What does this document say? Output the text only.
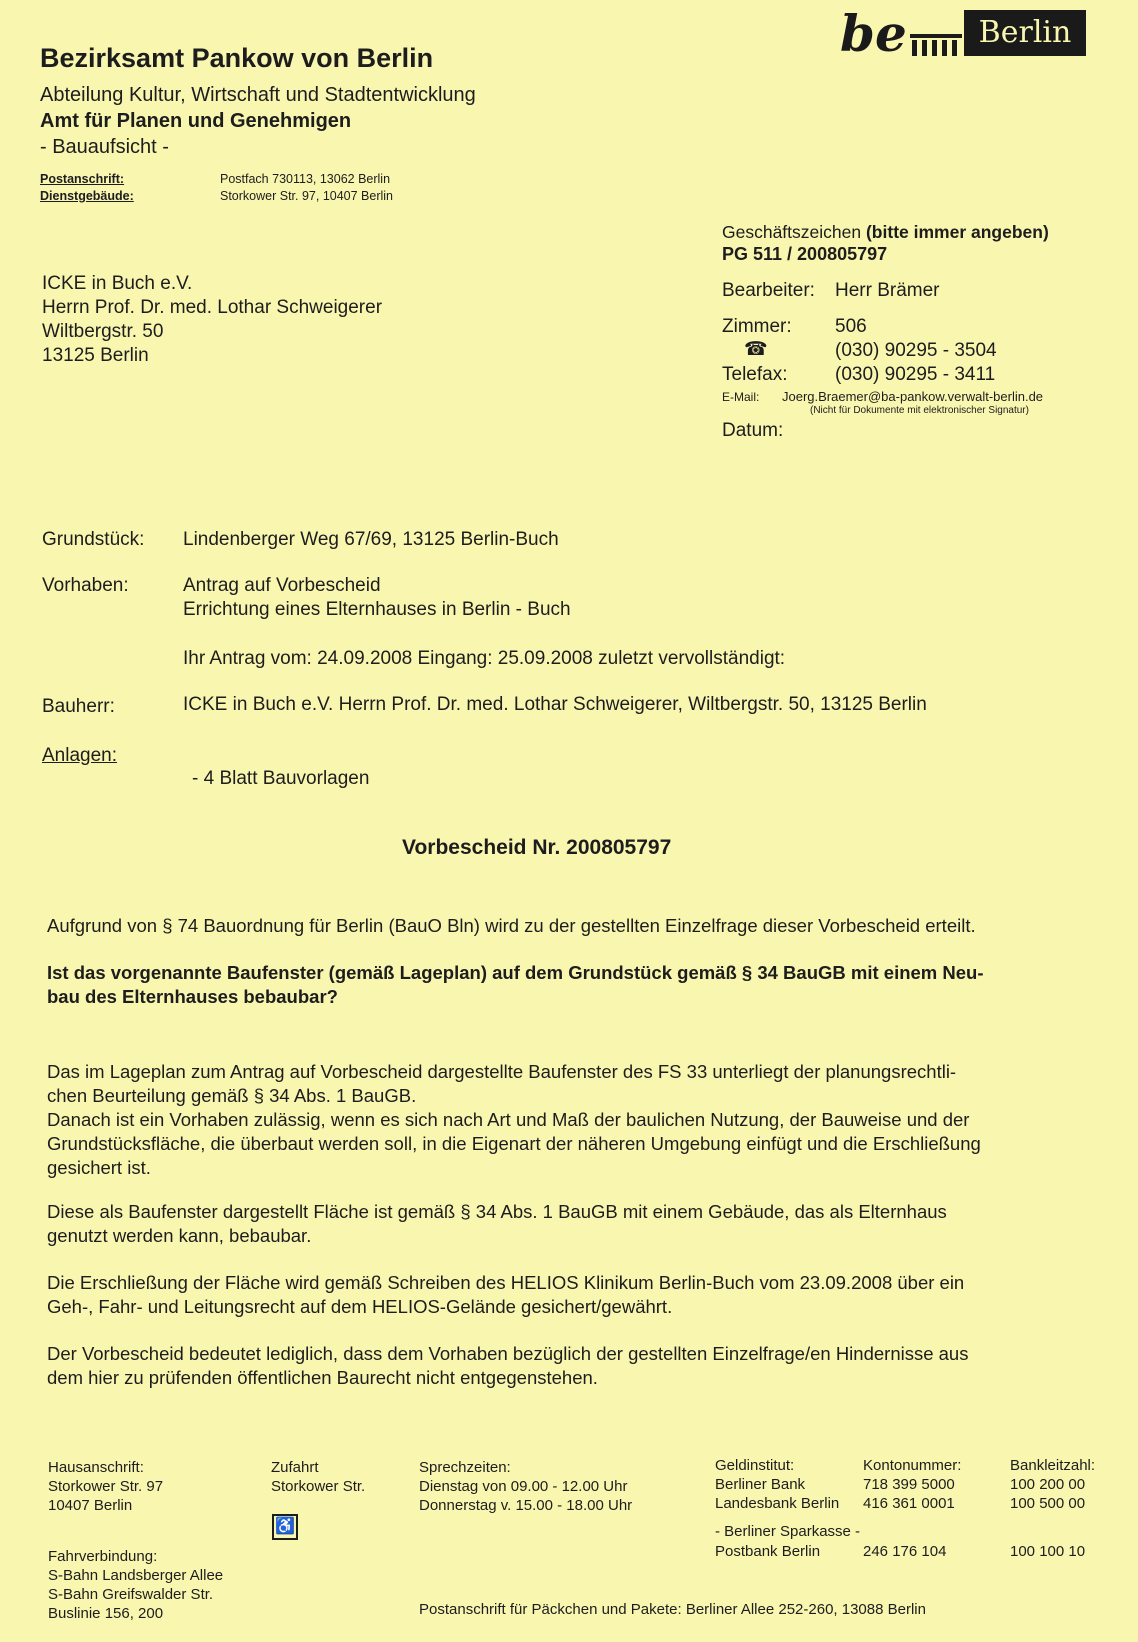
be	Berlin
Bezirksamt Pankow von Berlin
Abteilung Kultur, Wirtschaft und Stadtentwicklung
Amt für Planen und Genehmigen
- Bauaufsicht -
Postanschrift:	Postfach 730113, 13062 Berlin
Dienstgebäude:	Storkower Str. 97, 10407 Berlin
ICKE in Buch e.V.
Herrn Prof. Dr. med. Lothar Schweigerer
Wiltbergstr. 50
13125 Berlin
Geschäftszeichen (bitte immer angeben)
PG 511 / 200805797
Bearbeiter: Herr Brämer
Zimmer: 506
☎	(030) 90295 - 3504
Telefax:	(030) 90295 - 3411
E-Mail: Joerg.Braemer@ba-pankow.verwalt-berlin.de
(Nicht für Dokumente mit elektronischer Signatur)
Datum:
Grundstück: Lindenberger Weg 67/69, 13125 Berlin-Buch
Vorhaben:	Antrag auf Vorbescheid
Errichtung eines Elternhauses in Berlin - Buch
Ihr Antrag vom: 24.09.2008 Eingang: 25.09.2008 zuletzt vervollständigt:
Bauherr:	ICKE in Buch e.V. Herrn Prof. Dr. med. Lothar Schweigerer, Wiltbergstr. 50, 13125 Berlin
Anlagen:
- 4 Blatt Bauvorlagen
Vorbescheid Nr. 200805797

Aufgrund von § 74 Bauordnung für Berlin (BauO Bln) wird zu der gestellten Einzelfrage dieser Vorbescheid erteilt.

Ist das vorgenannte Baufenster (gemäß Lageplan) auf dem Grundstück gemäß § 34 BauGB mit einem Neu-

bau des Elternhauses bebaubar?

Das im Lageplan zum Antrag auf Vorbescheid dargestellte Baufenster des FS 33 unterliegt der planungsrechtli-

chen Beurteilung gemäß § 34 Abs. 1 BauGB.

Danach ist ein Vorhaben zulässig, wenn es sich nach Art und Maß der baulichen Nutzung, der Bauweise und der

Grundstücksfläche, die überbaut werden soll, in die Eigenart der näheren Umgebung einfügt und die Erschließung

gesichert ist.

Diese als Baufenster dargestellt Fläche ist gemäß § 34 Abs. 1 BauGB mit einem Gebäude, das als Elternhaus

genutzt werden kann, bebaubar.

Die Erschließung der Fläche wird gemäß Schreiben des HELIOS Klinikum Berlin-Buch vom 23.09.2008 über ein

Geh-, Fahr- und Leitungsrecht auf dem HELIOS-Gelände gesichert/gewährt.

Der Vorbescheid bedeutet lediglich, dass dem Vorhaben bezüglich der gestellten Einzelfrage/en Hindernisse aus

dem hier zu prüfenden öffentlichen Baurecht nicht entgegenstehen.

Hausanschrift:
Storkower Str. 97
10407 Berlin
Fahrverbindung:
S-Bahn Landsberger Allee
S-Bahn Greifswalder Str.
Buslinie 156, 200
Zufahrt
Storkower Str.
♿
Sprechzeiten:
Dienstag von 09.00 - 12.00 Uhr
Donnerstag v. 15.00 - 18.00 Uhr
Geldinstitut:	Kontonummer:	Bankleitzahl:
Berliner Bank	718 399 5000	100 200 00
Landesbank Berlin 416 361 0001	100 500 00
- Berliner Sparkasse -
Postbank Berlin	246 176 104	100 100 10
Postanschrift für Päckchen und Pakete: Berliner Allee 252-260, 13088 Berlin
